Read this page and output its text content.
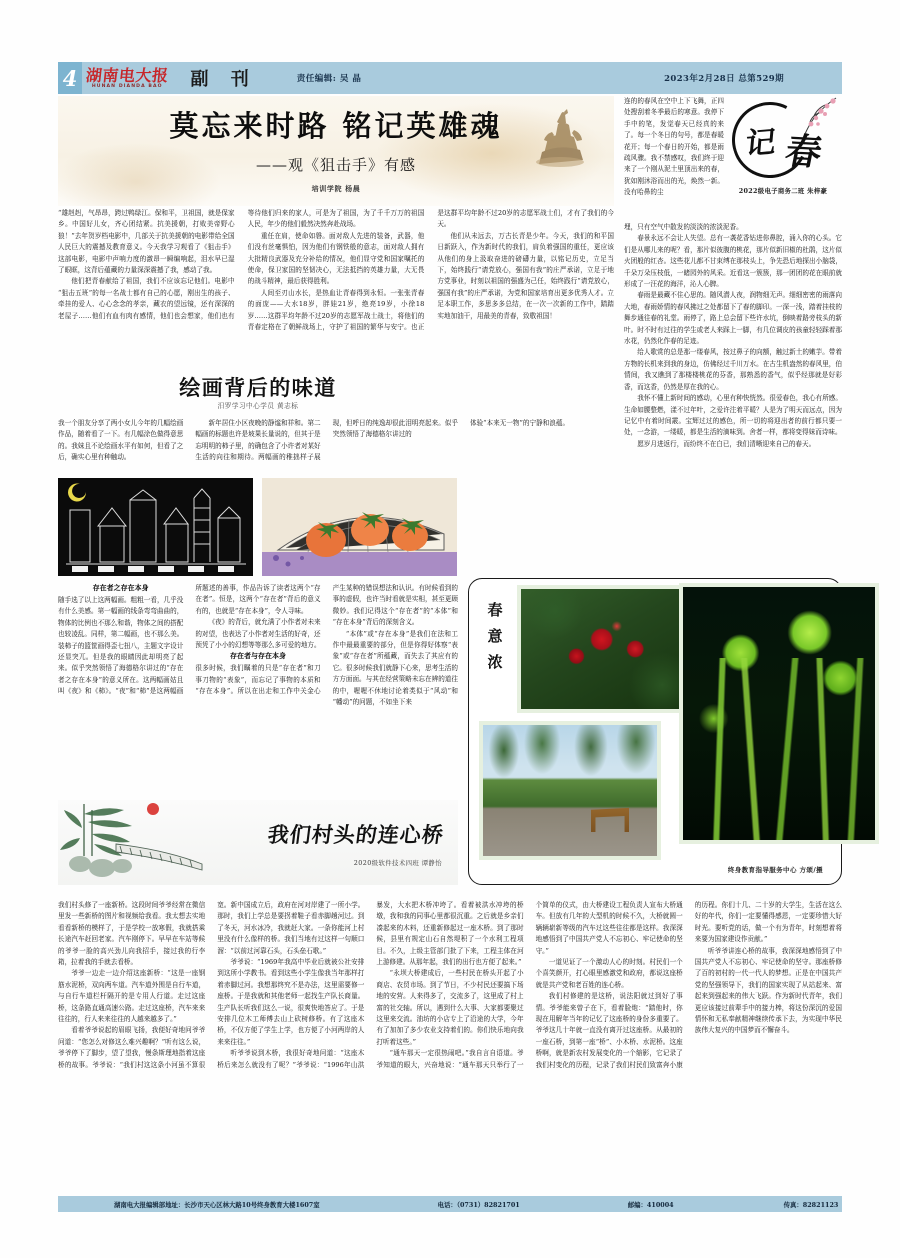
4 湖南电大报
HUNAN DIANDA BAO	副 刊	责任编辑: 吴 晶	2023年2月28日 总第529期
莫忘来时路 铭记英雄魂
——观《狙击手》有感
培训学院 杨晨

“雄赳赳，气昂昂，跨过鸭绿江。保和平，卫祖国，就是保家乡。中国好儿女，齐心团结紧。抗美援朝，打败美帝野心狼！”去年贺岁档电影中，几部关于抗美援朝的电影带给全国人民巨大的震撼及教育意义。今天我学习观看了《狙击手》这部电影，电影中声响力度的激昂一瞬编响起，泪水早已湿了眼眶，这背后蕴藏的力量深深震撼了我，感动了我。

他们把青春献给了祖国，我们不应该忘记他们。电影中“狙击五班”的每一名战士都有自己的心愿，刚出生的孩子、牵挂的爱人、心心念念的孝亲，藏衣的望远镜，还有深深的老屋子……他们有血有肉有感情，他们也会想家，他们也有等待他们归来的家人，可是为了祖国，为了千千万万的祖国人民，年少的他们毅然决然奔赴战场。

重任在肩，使命如磐。面对敌人先进的装备，武器，他们没有丝毫惧怕，因为他们有钢铁般的意志，面对敌人拥有大批精良武器及充分补给的情况，他们显守党和国家嘱托的使命，保卫家国的坚韧决心，无法抵挡的英雄力量，大无畏的战斗精神，最后获得胜利。

人间至刃山水长，是热血让青春得到永恒。一张张青春的面庞——大水18岁，胖娃21岁，绝亮19岁，小徐18岁……这群平均年龄不过20岁的志愿军战士战士，将他们的青春定格在了朝鲜战场上，守护了祖国的繁华与安宁。也正是这群平均年龄不过20岁的志愿军战士们，才有了我们的今天。

他们从未远去，万古长青是少年。今天，我们的和平国日新跃入，作为新时代的我们，肩负着强国的重任，更应该从他们的身上汲取奋进的磅礴力量，以铭记历史，立足当下，始终践行“请党放心，强国有我”的庄严承诺，立足于地方党事业，时刻以祖国的强盛为己任，始终践行“请党放心，强国有我”的庄严承诺，为党和国家培育出更多优秀人才。立足本职工作，多思多多总结，在一次一次新的工作中，踏踏实地加油干，用最美的青春，致敬祖国！

绘画背后的味道
汨罗学习中心学员 黄志标

我一个朋友分享了两小女儿今年的几幅绘画作品，随着看了一下。有几幅涂色做得意思的。我妹且不论绘画水平有如何，但看了之后，确实心里有种触动。

新年居住小区夜晚的静谧和祥和。第二幅画的标题也许是坡果长量说的，但其于是忘明明的柿子里，的确包含了小许者对某好生活的向往和期待。两幅画的稚拙样子展现，但呼日的纯逸却很此泪明亮起来。似乎突然领悟了海德格尔讲过的

体验“本来无一物”的宁静和浪蕴。

存在者之存在本身

随手选了以上这两幅画。粗粗一看，几乎没有什么美感。第一幅画的线条弯弯曲曲的，物体的比例也不那么和谐，物体之间的搭配也较凌乱。同样，第二幅画，也不那么美。装柿子的篮筐画得歪七扭八，主题文字设计还显突兀。但是我的眼睛因此却明亮了起来。似乎突然领悟了海德格尔讲过的“存在者之存在本身”的意义所在。这两幅画姑且叫《夜》和《柿》。“夜”和“柿”是这两幅画所题述的善事，作品告诉了读者这两个“存在者”。恒是，这两个“存在者”背后的意义有的，也就是“存在本身”，令人寻味。

《夜》的背后，就允满了小作者对未来的对望，也表达了小作者对生活的好奇，还预凭了小小的幻想等等那么多可爱的地方。

存在者与存在本身

很多时候，我们瞩着的只是“存在者”和刀事刀物的“表象”，而忘记了事物的本质和“存在本身”。所以在出走和工作中关金心产生某种的错误想法和认识。有时候看到的事的虚假，也许当时看就是实相，甚至更顾微妙。我们记得这个“存在者”的“本体”和“存在本身”背后的深刻含义。

“本体”或“存在本身”是我们在法和工作中最最重要的部分，但是你得好体察“表象”或“存在者”所蕴藏，而失去了其应有的它。很多时候我们就静下心来，思考生活的方方面面。与其在经营策略未忘在辨的道往的中，喔喔不休地讨论着类似于“风动”和“幡动”的问题，不如坐下来

我们村头的连心桥
2020级软件技术四班 谭静怡
春意浓
终身教育指导服务中心 方颂/摄

连的的春风在空中上下飞舞，正四处搜刮着冬季最后的寒意。我停下手中的笔，发觉春天已经真的来了。每一个冬日的句号，都是春暖花开；每一个春日的开始，都是雨疏风骤。我不禁感叹，我们终于迎来了一个刚从泥土里顶出来的春，犹如刚沐浴而出的光，焕然一新。没有哈鼻的尘

记 春
2022级电子商务二班 朱梓豪

埋，只有空气中散发的淡淡的浓淡泥香。

春景永远不会让人失望。总有一袭花香钻进你鼻腔，涌入你的心头。它们是从哪儿来的呢？看，那片似彼腹的桃花，那片似新旧椒的杜鹃，这片似火团般的红杏。这些花儿都不甘束缚在那枝头上，争先恐后地探出小脑袋，千朵万朵压枝低，一睹园外的风采。近看这一簇簇，那一团团的花在眼前就形成了一汪花的海洋，沁人心脾。

春雨是最藏不住心思的。随风潜人夜，润物细无声。细细密密的雨落向大地，春雨娇情的春风拂过之处都留下了春的脚印。一深一浅，踏着挂枝的舞步通往春的礼堂。雨停了，路上总会留下些许水坑，倒映着路旁枝头的新叶。时不时有过往的学生或老人来踩上一脚，有几位调皮的孩童轻轻踩着那水花，仍然化作春的足迹。

给人歌赏的总是那一缕春风，按过鼻子的向额，触过新土的嫩芋。带着方物的长机来到我的身边，仿佛经过千川万水。在古生机盎然的春风里，伯情间，我又瞧到了那楼楼桃花的芬香，那熟悉的香气，似乎经那就是好彩香，而这香，仍然是厚在我的心。

我怀不懂上新时间的感动，心里有种快恍然。很爱春色，我心有所感。生命如腰整燃，漾不过年叶，之爱许注着平暖？人是为了明天而远点，因为记忆中有着时间霰。宝辉过过的感色，所一切的将迎出者的前行都只要一处，一念游，一缕暖，都是生活的滴味到。舍者一样，都将变得妹而诗味。

愿岁月进返行，而纷终不在白已，我们清晰迎来自己的春天。

我们村头修了一座新桥。这段时间爷爷经常在微信里发一些新桥的图片和视频给我看。我太想去实地看看新桥的模样了，于是学校一放寒假，我就搭乘长途汽车赶回老家。汽车刚停下。早早在车站等候的爷爷一脸的高兴劲儿向我招手，接过我的行李箱，拉着我的手就去看桥。

爷爷一边走一边介绍这座新桥：“这是一座钢筋水泥桥，双向两车道。汽车道外围是自行车道，与自行车道栏杆隔开的是专用人行道。走过这座桥，这条路直通高速公路。走过这座桥，汽车来来往往的，行人来来往往的人越来越多了。”

看着爷爷说起的眉眼飞扬，我便好奇地问爷爷问道：“您怎么对修这么难兴趣啊？”听有这么说，爷爷停下了脚步，望了望我，慢条斯理地指着这座桥的故事。爷爷说：“我们村这这条小河虽不算很宽。新中国成立后，政府在河对岸建了一所小学。那时，我们上学总是要拐着鞋子看赤脚趟河过。到了冬天，河水冰冷，我就赶大家。一条你能河上村里没有什么像样的桥。我们当地有过这样一句顺口溜：“以前过河靠石头，石头垒石歌。”

爷爷说：“1969年我高中毕业后就被公社安排到这所小学教书。看到这些小学生像我当年那样打着赤脚过河。我想那终究不是办法，这里需要修一座桥。于是我就和其他老师一起找生产队长商量。生产队长听我们这么一说，很爽快地答应了。于是安排几位木工师傅去山上砍树修桥。有了这座木桥，不仅方便了学生上学，也方便了小河两岸的人来来往往。”

听爷爷说到木桥，我很好奇地问道：“这座木桥后来怎么就没有了呢？”爷爷说：“1996年山洪暴发，大水把木桥冲垮了。看着被洪水冲垮的桥墩，我和我的同事心里都很沉重。之后就是乡亲们凑起来的木料，还重新修起过一座木桥。到了那时候，县里有规定山石自然堤积了一个水利工程项目。不久，上级主管部门批了下来，工程主体在河上游修建。从那年起，我们的出行也方便了起来。”

“永坝大桥建成后，一些村民在桥头开起了小商店、农贸市场。到了节日，不少村民还要搞下场地的安营。人来得多了，交流多了，这里成了村上富的社交轴。所以，遇到什么大事、大家都要聚过这里来交流。油坊的小店专上了沿途的大学，今年有了加加了多少农业支持着们的。你们快乐地向我打听着这些。”

“通车那天一定很热闹吧。”我自言自语道。爷爷知道的眼大，兴奋地说：“通车那天只举行了一个简单的仪式，由大桥建设工程负责人宣布大桥通车。但放有几年的大型机的时候不久，大桥就圆一辆辆崭新等级的汽车过这些往往都是这样。我深深地感悟到了中国共产党人不忘初心、牢记使命的坚守。”

一道见证了一个激动人心的时刻。村民们一个个喜笑颜开，打心眼里感激党和政府，都说这座桥就是共产党和老百姓的连心桥。

我们村修建的是这桥，说法阳就过到好了事情。爷爷能来曾子在下，看着脸炮：“踏他时，你现在用解年当年的记忆了这座桥的身份多重要了。爷爷这几十年就一直没有离开过这座桥。从最初的一座石桥，到第一座“桥”、小木桥、水泥桥。这座桥啊，就是新农村发展变化的一个缩影，它记录了我们村变化的历程，记录了我们村民们致富奔小康的历程。你们十几、二十岁的大学生，生活在这么好的年代，你们一定要懂得感恩，一定要珍惜大好时光。要听党的话，做一个有为青年，时刻想着将来要为国家建设作贡献。”

听爷爷讲连心桥的故事，我深深地感悟到了中国共产党人不忘初心、牢记使命的坚守。那座桥修了百的初村的一代一代人的梦想。正是在中国共产党的坚强领导下，我们的国家实现了从站起来、富起来到强起来的伟大飞跃。作为新时代青年，我们更应该接过前辈手中的接力棒，将这份深沉的爱国情怀和无私奉献精神继续传承下去，为实现中华民族伟大复兴的中国梦而不懈奋斗。

湖南电大报编辑部地址：长沙市天心区林大路10号终身教育大楼1607室	电话：（0731）82821701	邮编：410004	传真：82821123
